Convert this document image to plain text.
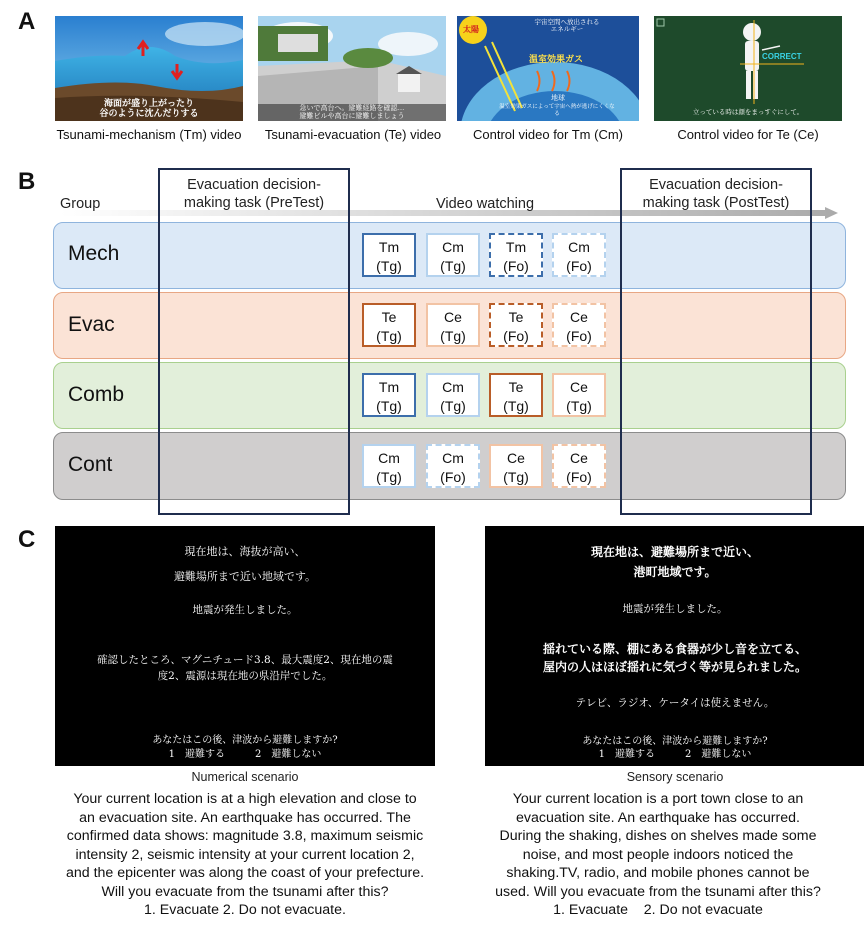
A
海面が盛り上がったり
谷のように沈んだりする
Tsunami-mechanism (Tm) video
急いで高台へ。避難経路を確認…
避難ビルや高台に避難しましょう
Tsunami-evacuation (Te) video
太陽
宇宙空間へ放出される
エネルギー
温室効果ガス
地球
温室効果ガスによって宇宙へ熱が逃げにくくなる
Control video for Tm (Cm)
CORRECT
立っている時は顔をまっすぐにして。
Control video for Te (Ce)
B
Group
Evacuation decision-
making task (PreTest)	Video watching
Evacuation decision-
making task (PostTest)
Mech
Evac
Comb
Cont
Tm
(Tg)
Cm
(Tg)
Tm
(Fo)
Cm
(Fo)
Te
(Tg)
Ce
(Tg)
Te
(Fo)
Ce
(Fo)
Tm
(Tg)
Cm
(Tg)
Te
(Tg)
Ce
(Tg)
Cm
(Tg)
Cm
(Fo)
Ce
(Tg)
Ce
(Fo)
C	現在地は、海抜が高い、
避難場所まで近い地域です。
地震が発生しました。
確認したところ、マグニチュード3.8、最大震度2、現在地の震
度2、震源は現在地の県沿岸でした。
あなたはこの後、津波から避難しますか?
1　避難する　　　2　避難しない
Numerical scenario
Your current location is at a high elevation and close to
an evacuation site. An earthquake has occurred. The
confirmed data shows: magnitude 3.8, maximum seismic
intensity 2, seismic intensity at your current location 2,
and the epicenter was along the coast of your prefecture.
Will you evacuate from the tsunami after this?
1. Evacuate 2. Do not evacuate.
現在地は、避難場所まで近い、
港町地域です。
地震が発生しました。
揺れている際、棚にある食器が少し音を立てる、
屋内の人はほぼ揺れに気づく等が見られました。
テレビ、ラジオ、ケータイは使えません。
あなたはこの後、津波から避難しますか?
1　避難する　　　2　避難しない
Sensory scenario
Your current location is a port town close to an
evacuation site. An earthquake has occurred.
During the shaking, dishes on shelves made some
noise, and most people indoors noticed the
shaking.TV, radio, and mobile phones cannot be
used. Will you evacuate from the tsunami after this?
1. Evacuate    2. Do not evacuate
